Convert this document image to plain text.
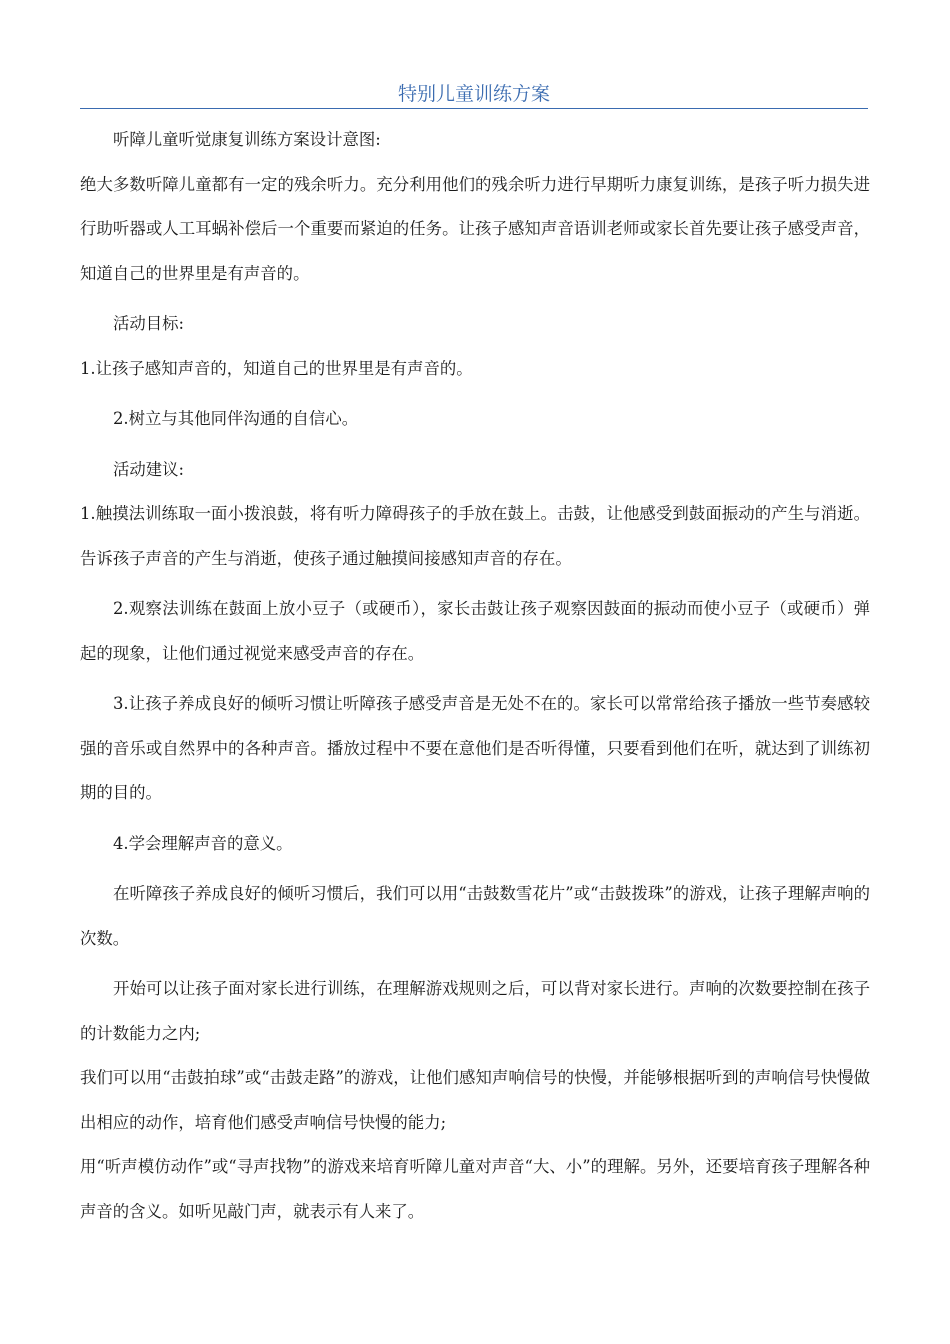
特别儿童训练方案

听障儿童听觉康复训练方案设计意图:

绝大多数听障儿童都有一定的残余听力。充分利用他们的残余听力进行早期听力康复训练，是孩子听力损失进行助听器或人工耳蜗补偿后一个重要而紧迫的任务。让孩子感知声音语训老师或家长首先要让孩子感受声音，知道自己的世界里是有声音的。

活动目标:

1.让孩子感知声音的，知道自己的世界里是有声音的。

2.树立与其他同伴沟通的自信心。

活动建议:

1.触摸法训练取一面小拨浪鼓，将有听力障碍孩子的手放在鼓上。击鼓，让他感受到鼓面振动的产生与消逝。告诉孩子声音的产生与消逝，使孩子通过触摸间接感知声音的存在。

2.观察法训练在鼓面上放小豆子（或硬币），家长击鼓让孩子观察因鼓面的振动而使小豆子（或硬币）弹起的现象，让他们通过视觉来感受声音的存在。

3.让孩子养成良好的倾听习惯让听障孩子感受声音是无处不在的。家长可以常常给孩子播放一些节奏感较强的音乐或自然界中的各种声音。播放过程中不要在意他们是否听得懂，只要看到他们在听，就达到了训练初期的目的。

4.学会理解声音的意义。

在听障孩子养成良好的倾听习惯后，我们可以用“击鼓数雪花片”或“击鼓拨珠”的游戏，让孩子理解声响的次数。

开始可以让孩子面对家长进行训练，在理解游戏规则之后，可以背对家长进行。声响的次数要控制在孩子的计数能力之内;

我们可以用“击鼓拍球”或“击鼓走路”的游戏，让他们感知声响信号的快慢，并能够根据听到的声响信号快慢做出相应的动作，培育他们感受声响信号快慢的能力;

用“听声模仿动作”或“寻声找物”的游戏来培育听障儿童对声音“大、小”的理解。另外，还要培育孩子理解各种声音的含义。如听见敲门声，就表示有人来了。
